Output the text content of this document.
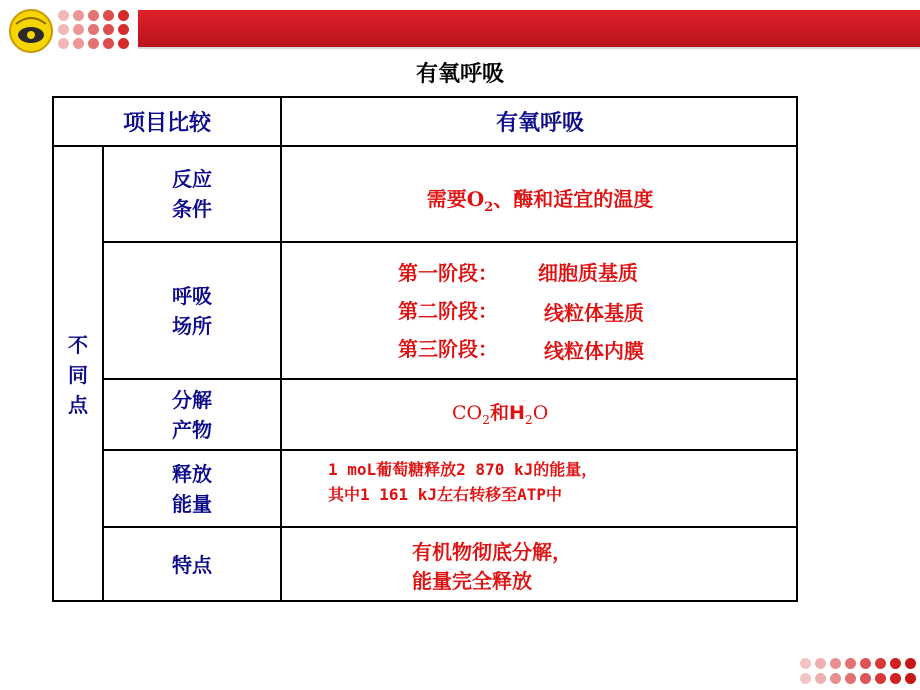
有氧呼吸
项目比较	有氧呼吸
不同点
反应
条件	需要$O_2$、酶和适宜的温度
呼吸
场所
第一阶段： 细胞质基质
第二阶段： 线粒体基质
第三阶段： 线粒体内膜
分解
产物
$CO_2$和$H_2O$
释放
能量
1 moL葡萄糖释放2 870 kJ的能量，
其中1 161 kJ左右转移至ATP中
特点
有机物彻底分解，
能量完全释放
